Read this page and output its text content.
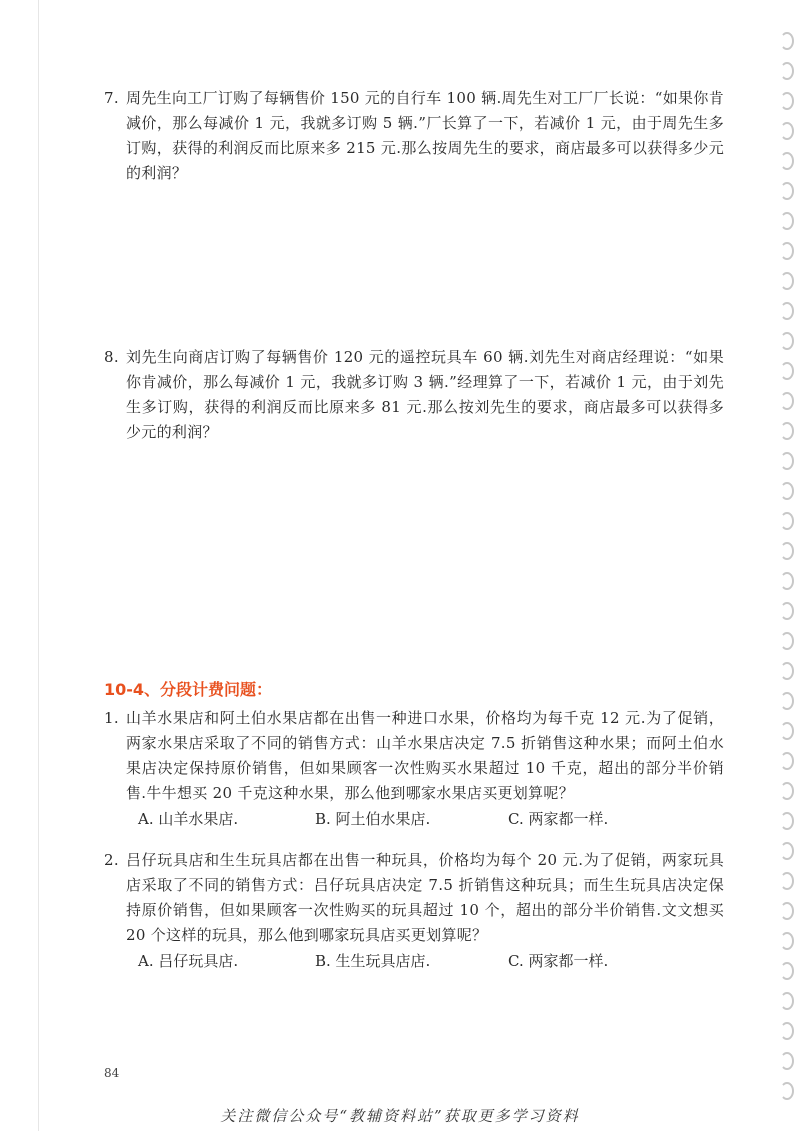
7. 周先生向工厂订购了每辆售价 150 元的自行车 100 辆.周先生对工厂厂长说：“如果你肯减价，那么每减价 1 元，我就多订购 5 辆.”厂长算了一下，若减价 1 元，由于周先生多订购，获得的利润反而比原来多 215 元.那么按周先生的要求，商店最多可以获得多少元的利润？
8. 刘先生向商店订购了每辆售价 120 元的遥控玩具车 60 辆.刘先生对商店经理说：“如果你肯减价，那么每减价 1 元，我就多订购 3 辆.”经理算了一下，若减价 1 元，由于刘先生多订购，获得的利润反而比原来多 81 元.那么按刘先生的要求，商店最多可以获得多少元的利润？
10-4、分段计费问题：
1. 山羊水果店和阿土伯水果店都在出售一种进口水果，价格均为每千克 12 元.为了促销，两家水果店采取了不同的销售方式：山羊水果店决定 7.5 折销售这种水果；而阿土伯水果店决定保持原价销售，但如果顾客一次性购买水果超过 10 千克，超出的部分半价销售.牛牛想买 20 千克这种水果，那么他到哪家水果店买更划算呢？
A. 山羊水果店.	B. 阿土伯水果店.	C. 两家都一样.
2. 吕仔玩具店和生生玩具店都在出售一种玩具，价格均为每个 20 元.为了促销，两家玩具店采取了不同的销售方式：吕仔玩具店决定 7.5 折销售这种玩具；而生生玩具店决定保持原价销售，但如果顾客一次性购买的玩具超过 10 个，超出的部分半价销售.文文想买 20 个这样的玩具，那么他到哪家玩具店买更划算呢？
A. 吕仔玩具店.	B. 生生玩具店店.	C. 两家都一样.
84
关注微信公众号“教辅资料站”获取更多学习资料
